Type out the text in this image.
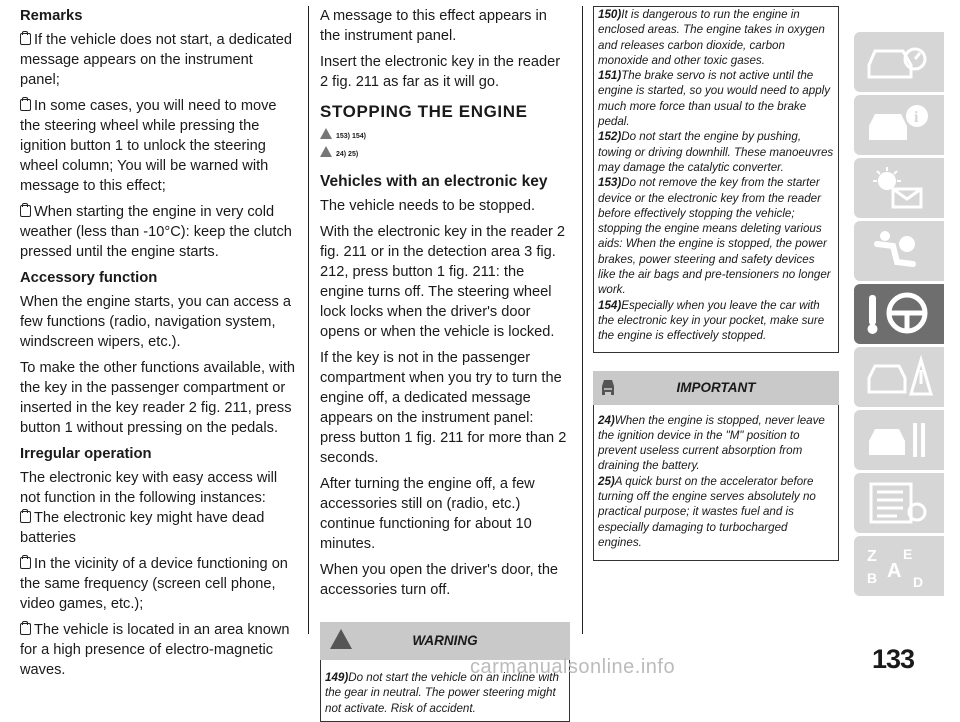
Remarks

If the vehicle does not start, a dedicated message appears on the instrument panel;

In some cases, you will need to move the steering wheel while pressing the ignition button 1 to unlock the steering wheel column; You will be warned with message to this effect;

When starting the engine in very cold weather (less than -10°C): keep the clutch pressed until the engine starts.

Accessory function

When the engine starts, you can access a few functions (radio, navigation system, windscreen wipers, etc.).

To make the other functions available, with the key in the passenger compartment or inserted in the key reader 2 fig. 211, press button 1 without pressing on the pedals.

Irregular operation

The electronic key with easy access will not function in the following instances:

The electronic key might have dead batteries

In the vicinity of a device functioning on the same frequency (screen cell phone, video games, etc.);

The vehicle is located in an area known for a high presence of electro-magnetic waves.

A message to this effect appears in the instrument panel.

Insert the electronic key in the reader 2 fig. 211 as far as it will go.

STOPPING THE ENGINE
153) 154)
24) 25)
Vehicles with an electronic key

The vehicle needs to be stopped.

With the electronic key in the reader 2 fig. 211 or in the detection area 3 fig. 212, press button 1 fig. 211: the engine turns off. The steering wheel lock locks when the driver's door opens or when the vehicle is locked.

If the key is not in the passenger compartment when you try to turn the engine off, a dedicated message appears on the instrument panel: press button 1 fig. 211 for more than 2 seconds.

After turning the engine off, a few accessories still on (radio, etc.) continue functioning for about 10 minutes.

When you open the driver's door, the accessories turn off.

WARNING
149)Do not start the vehicle on an incline with the gear in neutral. The power steering might not activate. Risk of accident.
150)It is dangerous to run the engine in enclosed areas. The engine takes in oxygen and releases carbon dioxide, carbon monoxide and other toxic gases.
151)The brake servo is not active until the engine is started, so you would need to apply much more force than usual to the brake pedal.
152)Do not start the engine by pushing, towing or driving downhill. These manoeuvres may damage the catalytic converter.
153)Do not remove the key from the starter device or the electronic key from the reader before effectively stopping the vehicle; stopping the engine means deleting various aids: When the engine is stopped, the power brakes, power steering and safety devices like the air bags and pre-tensioners no longer work.
154)Especially when you leave the car with the electronic key in your pocket, make sure the engine is effectively stopped.
IMPORTANT
24)When the engine is stopped, never leave the ignition device in the "M" position to prevent useless current absorption from draining the battery.
25)A quick burst on the accelerator before turning off the engine serves absolutely no practical purpose; it wastes fuel and is especially damaging to turbocharged engines.
i
Z E
A
B	D
133
carmanualsonline.info
